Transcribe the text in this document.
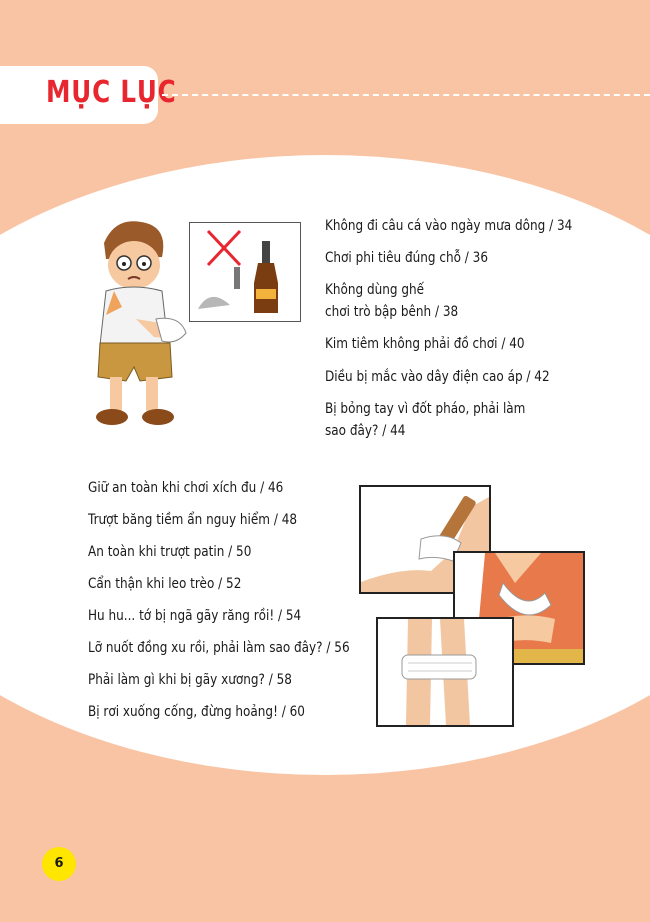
MỤC LỤC
Không đi câu cá vào ngày mưa dông / 34
Chơi phi tiêu đúng chỗ / 36
Không dùng ghế
chơi trò bập bênh / 38
Kim tiêm không phải đồ chơi / 40
Diều bị mắc vào dây điện cao áp / 42
Bị bỏng tay vì đốt pháo, phải làm
sao đây? / 44
Giữ an toàn khi chơi xích đu / 46
Trượt băng tiềm ẩn nguy hiểm / 48
An toàn khi trượt patin / 50
Cẩn thận khi leo trèo / 52
Hu hu... tớ bị ngã gãy răng rồi! / 54
Lỡ nuốt đồng xu rồi, phải làm sao đây? / 56
Phải làm gì khi bị gãy xương? / 58
Bị rơi xuống cống, đừng hoảng! / 60
6
